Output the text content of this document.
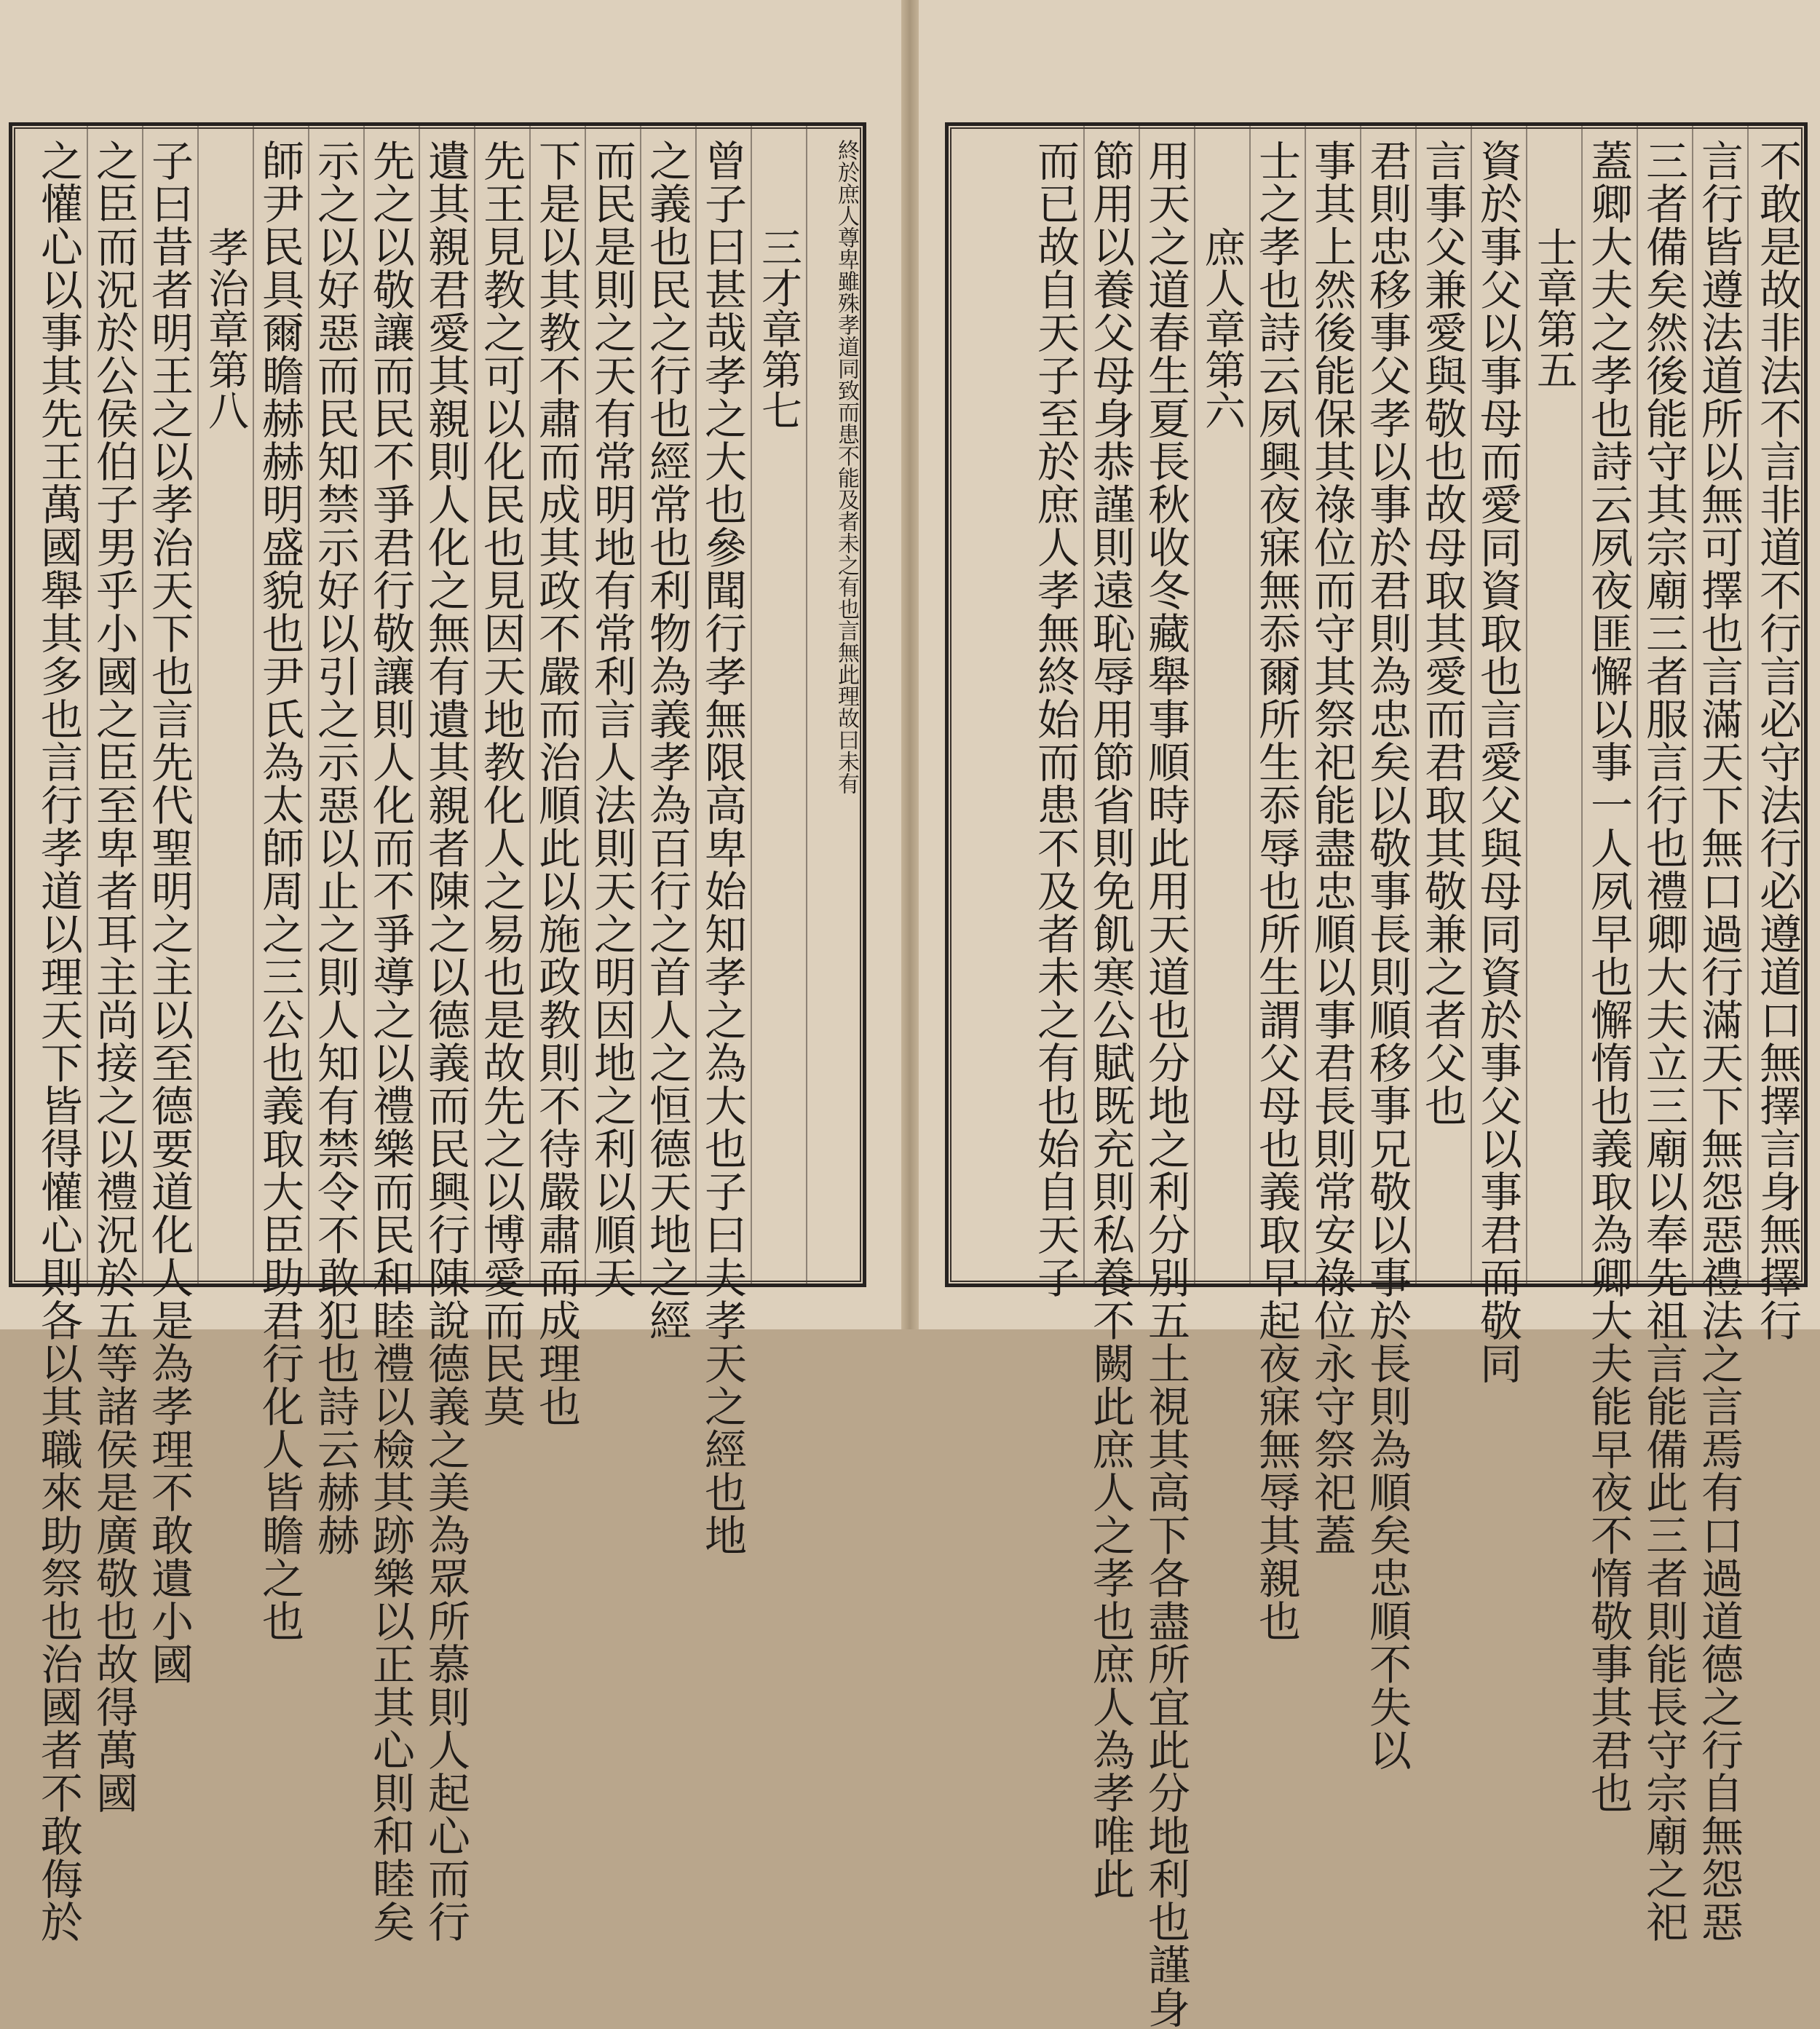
終於庶人尊卑雖殊孝道同致而患不能及者未之有也言無此理故曰未有
三才章第七
曾子曰甚哉孝之大也參聞行孝無限高卑始知孝之為大也子曰夫孝天之經也地
之義也民之行也經常也利物為義孝為百行之首人之恒德天地之經
而民是則之天有常明地有常利言人法則天之明因地之利以順天
下是以其教不肅而成其政不嚴而治順此以施政教則不待嚴肅而成理也
先王見教之可以化民也見因天地教化人之易也是故先之以博愛而民莫
遺其親君愛其親則人化之無有遺其親者陳之以德義而民興行陳說德義之美為眾所慕則人起心而行
先之以敬讓而民不爭君行敬讓則人化而不爭導之以禮樂而民和睦禮以檢其跡樂以正其心則和睦矣
示之以好惡而民知禁示好以引之示惡以止之則人知有禁令不敢犯也詩云赫赫
師尹民具爾瞻赫赫明盛貌也尹氏為太師周之三公也義取大臣助君行化人皆瞻之也
孝治章第八
子曰昔者明王之以孝治天下也言先代聖明之主以至德要道化人是為孝理不敢遺小國
之臣而況於公侯伯子男乎小國之臣至卑者耳主尚接之以禮況於五等諸侯是廣敬也故得萬國
之懽心以事其先王萬國舉其多也言行孝道以理天下皆得懽心則各以其職來助祭也治國者不敢侮於	不敢是故非法不言非道不行言必守法行必遵道口無擇言身無擇行
言行皆遵法道所以無可擇也言滿天下無口過行滿天下無怨惡禮法之言焉有口過道德之行自無怨惡
三者備矣然後能守其宗廟三者服言行也禮卿大夫立三廟以奉先祖言能備此三者則能長守宗廟之祀
蓋卿大夫之孝也詩云夙夜匪懈以事一人夙早也懈惰也義取為卿大夫能早夜不惰敬事其君也
士章第五
資於事父以事母而愛同資取也言愛父與母同資於事父以事君而敬同
言事父兼愛與敬也故母取其愛而君取其敬兼之者父也
君則忠移事父孝以事於君則為忠矣以敬事長則順移事兄敬以事於長則為順矣忠順不失以
事其上然後能保其祿位而守其祭祀能盡忠順以事君長則常安祿位永守祭祀蓋
士之孝也詩云夙興夜寐無忝爾所生忝辱也所生謂父母也義取早起夜寐無辱其親也
庶人章第六
用天之道春生夏長秋收冬藏舉事順時此用天道也分地之利分別五土視其高下各盡所宜此分地利也謹身
節用以養父母身恭謹則遠恥辱用節省則免飢寒公賦既充則私養不闕此庶人之孝也庶人為孝唯此
而已故自天子至於庶人孝無終始而患不及者未之有也始自天子
